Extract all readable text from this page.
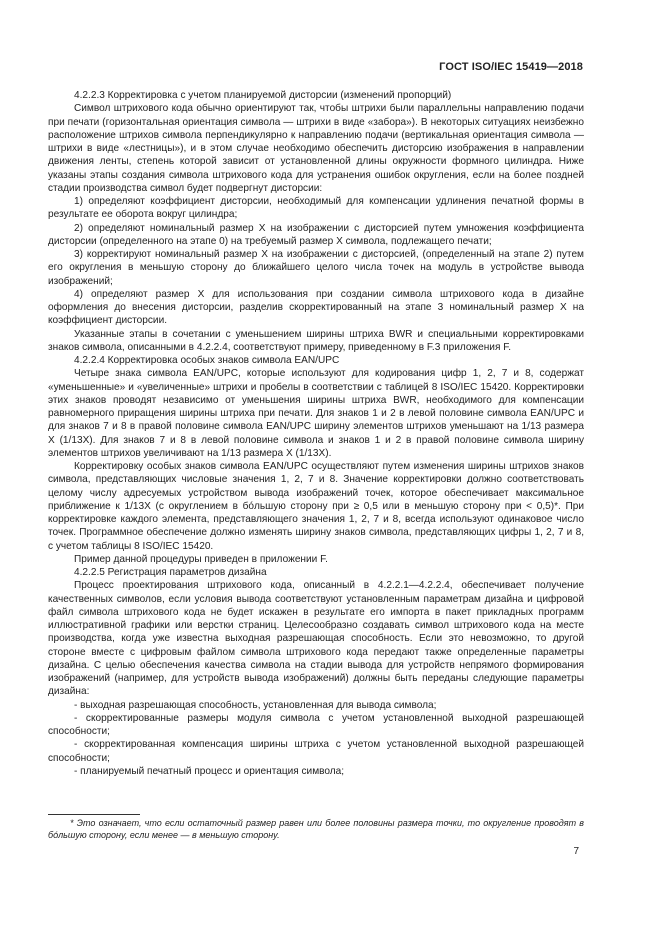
ГОСТ ISO/IEC 15419—2018

4.2.2.3 Корректировка с учетом планируемой дисторсии (изменений пропорций)

Символ штрихового кода обычно ориентируют так, чтобы штрихи были параллельны направлению подачи при печати (горизонтальная ориентация символа — штрихи в виде «забора»). В некоторых ситуациях неизбежно расположение штрихов символа перпендикулярно к направлению подачи (вертикальная ориентация символа — штрихи в виде «лестницы»), и в этом случае необходимо обеспечить дисторсию изображения в направлении движения ленты, степень которой зависит от установленной длины окружности формного цилиндра. Ниже указаны этапы создания символа штрихового кода для устранения ошибок округления, если на более поздней стадии производства символ будет подвергнут дисторсии:

1) определяют коэффициент дисторсии, необходимый для компенсации удлинения печатной формы в результате ее оборота вокруг цилиндра;

2) определяют номинальный размер X на изображении с дисторсией путем умножения коэффициента дисторсии (определенного на этапе 0) на требуемый размер X символа, подлежащего печати;

3) корректируют номинальный размер X на изображении с дисторсией, (определенный на этапе 2) путем его округления в меньшую сторону до ближайшего целого числа точек на модуль в устройстве вывода изображений;

4) определяют размер X для использования при создании символа штрихового кода в дизайне оформления до внесения дисторсии, разделив скорректированный на этапе 3 номинальный размер X на коэффициент дисторсии.

Указанные этапы в сочетании с уменьшением ширины штриха BWR и специальными корректировками знаков символа, описанными в 4.2.2.4, соответствуют примеру, приведенному в F.3 приложения F.

4.2.2.4 Корректировка особых знаков символа EAN/UPC

Четыре знака символа EAN/UPC, которые используют для кодирования цифр 1, 2, 7 и 8, содержат «уменьшенные» и «увеличенные» штрихи и пробелы в соответствии с таблицей 8 ISO/IEC 15420. Корректировки этих знаков проводят независимо от уменьшения ширины штриха BWR, необходимого для компенсации равномерного приращения ширины штриха при печати. Для знаков 1 и 2 в левой половине символа EAN/UPC и для знаков 7 и 8 в правой половине символа EAN/UPC ширину элементов штрихов уменьшают на 1/13 размера X (1/13X). Для знаков 7 и 8 в левой половине символа и знаков 1 и 2 в правой половине символа ширину элементов штрихов увеличивают на 1/13 размера X (1/13X).

Корректировку особых знаков символа EAN/UPC осуществляют путем изменения ширины штрихов знаков символа, представляющих числовые значения 1, 2, 7 и 8. Значение корректировки должно соответствовать целому числу адресуемых устройством вывода изображений точек, которое обеспечивает максимальное приближение к 1/13X (с округлением в бóльшую сторону при ≥ 0,5 или в меньшую сторону при < 0,5)*. При корректировке каждого элемента, представляющего значения 1, 2, 7 и 8, всегда используют одинаковое число точек. Программное обеспечение должно изменять ширину знаков символа, представляющих цифры 1, 2, 7 и 8, с учетом таблицы 8 ISO/IEC 15420.

Пример данной процедуры приведен в приложении F.

4.2.2.5 Регистрация параметров дизайна

Процесс проектирования штрихового кода, описанный в 4.2.2.1—4.2.2.4, обеспечивает получение качественных символов, если условия вывода соответствуют установленным параметрам дизайна и цифровой файл символа штрихового кода не будет искажен в результате его импорта в пакет прикладных программ иллюстративной графики или верстки страниц. Целесообразно создавать символ штрихового кода на месте производства, когда уже известна выходная разрешающая способность. Если это невозможно, то другой стороне вместе с цифровым файлом символа штрихового кода передают также определенные параметры дизайна. С целью обеспечения качества символа на стадии вывода для устройств непрямого формирования изображений (например, для устройств вывода изображений) должны быть переданы следующие параметры дизайна:

- выходная разрешающая способность, установленная для вывода символа;

- скорректированные размеры модуля символа с учетом установленной выходной разрешающей способности;

- скорректированная компенсация ширины штриха с учетом установленной выходной разрешающей способности;

- планируемый печатный процесс и ориентация символа;

* Это означает, что если остаточный размер равен или более половины размера точки, то округление проводят в бóльшую сторону, если менее — в меньшую сторону.

7
